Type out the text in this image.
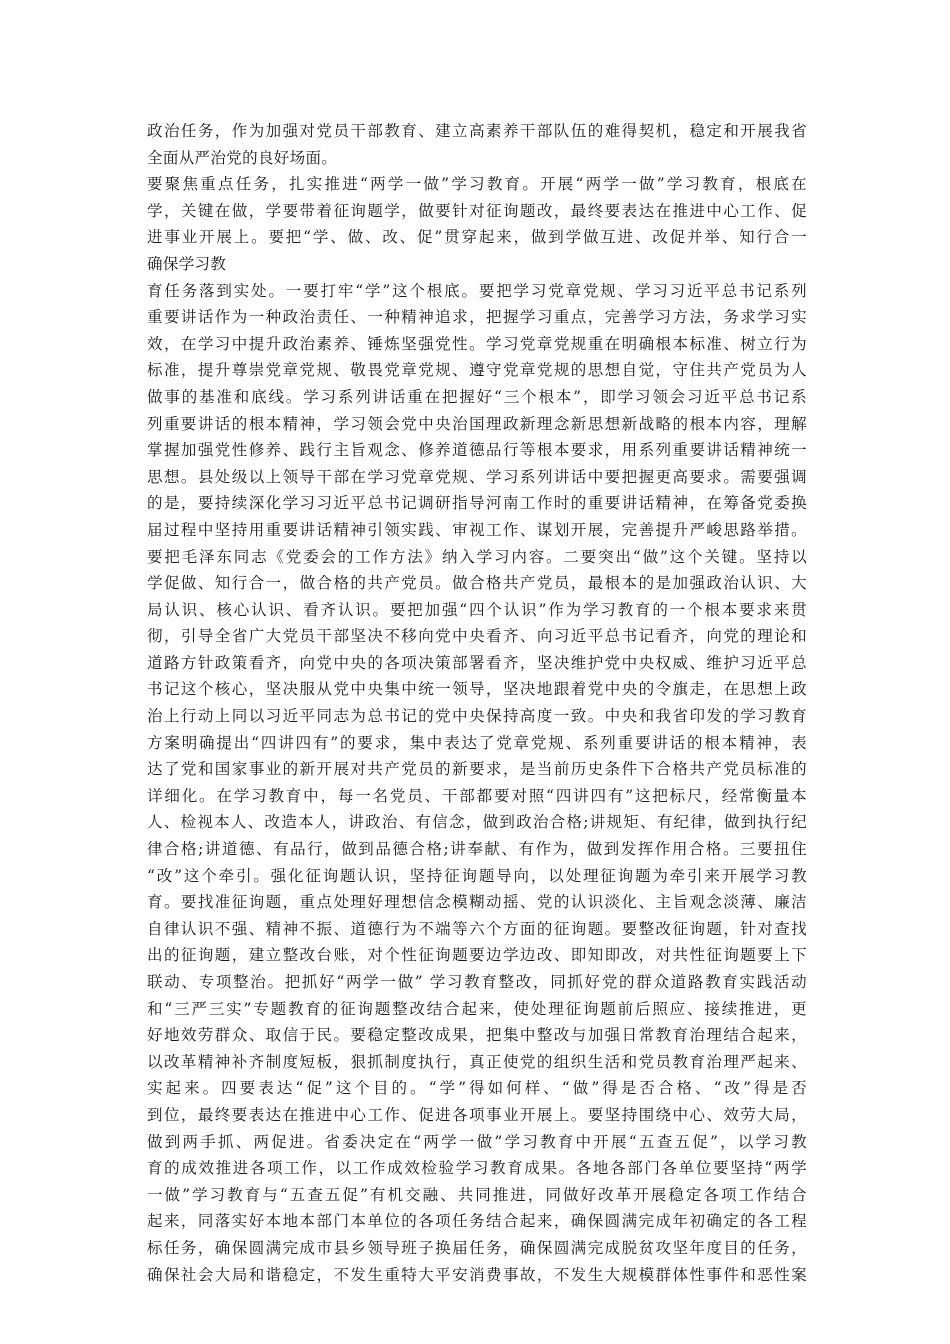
政治任务，作为加强对党员干部教育、建立高素养干部队伍的难得契机，稳定和开展我省
全面从严治党的良好场面。
要聚焦重点任务，扎实推进“两学一做”学习教育。开展“两学一做”学习教育，根底在
学，关键在做，学要带着征询题学，做要针对征询题改，最终要表达在推进中心工作、促
进事业开展上。要把“学、做、改、促”贯穿起来，做到学做互进、改促并举、知行合一
确保学习教
育任务落到实处。一要打牢“学”这个根底。要把学习党章党规、学习习近平总书记系列
重要讲话作为一种政治责任、一种精神追求，把握学习重点，完善学习方法，务求学习实
效，在学习中提升政治素养、锤炼坚强党性。学习党章党规重在明确根本标准、树立行为
标准，提升尊崇党章党规、敬畏党章党规、遵守党章党规的思想自觉，守住共产党员为人
做事的基准和底线。学习系列讲话重在把握好“三个根本”，即学习领会习近平总书记系
列重要讲话的根本精神，学习领会党中央治国理政新理念新思想新战略的根本内容，理解
掌握加强党性修养、践行主旨观念、修养道德品行等根本要求，用系列重要讲话精神统一
思想。县处级以上领导干部在学习党章党规、学习系列讲话中要把握更高要求。需要强调
的是，要持续深化学习习近平总书记调研指导河南工作时的重要讲话精神，在筹备党委换
届过程中坚持用重要讲话精神引领实践、审视工作、谋划开展，完善提升严峻思路举措。
要把毛泽东同志《党委会的工作方法》纳入学习内容。二要突出“做”这个关键。坚持以
学促做、知行合一，做合格的共产党员。做合格共产党员，最根本的是加强政治认识、大
局认识、核心认识、看齐认识。要把加强“四个认识”作为学习教育的一个根本要求来贯
彻，引导全省广大党员干部坚决不移向党中央看齐、向习近平总书记看齐，向党的理论和
道路方针政策看齐，向党中央的各项决策部署看齐，坚决维护党中央权威、维护习近平总
书记这个核心，坚决服从党中央集中统一领导，坚决地跟着党中央的令旗走，在思想上政
治上行动上同以习近平同志为总书记的党中央保持高度一致。中央和我省印发的学习教育
方案明确提出“四讲四有”的要求，集中表达了党章党规、系列重要讲话的根本精神，表
达了党和国家事业的新开展对共产党员的新要求，是当前历史条件下合格共产党员标准的
详细化。在学习教育中，每一名党员、干部都要对照“四讲四有”这把标尺，经常衡量本
人、检视本人、改造本人，讲政治、有信念，做到政治合格;讲规矩、有纪律，做到执行纪
律合格;讲道德、有品行，做到品德合格;讲奉献、有作为，做到发挥作用合格。三要扭住
“改”这个牵引。强化征询题认识，坚持征询题导向，以处理征询题为牵引来开展学习教
育。要找准征询题，重点处理好理想信念模糊动摇、党的认识淡化、主旨观念淡薄、廉洁
自律认识不强、精神不振、道德行为不端等六个方面的征询题。要整改征询题，针对查找
出的征询题，建立整改台账，对个性征询题要边学边改、即知即改，对共性征询题要上下
联动、专项整治。把抓好“两学一做” 学习教育整改，同抓好党的群众道路教育实践活动
和“三严三实”专题教育的征询题整改结合起来，使处理征询题前后照应、接续推进，更
好地效劳群众、取信于民。要稳定整改成果，把集中整改与加强日常教育治理结合起来，
以改革精神补齐制度短板，狠抓制度执行，真正使党的组织生活和党员教育治理严起来、
实起来。四要表达“促”这个目的。“学”得如何样、“做”得是否合格、“改”得是否
到位，最终要表达在推进中心工作、促进各项事业开展上。要坚持围绕中心、效劳大局，
做到两手抓、两促进。省委决定在“两学一做”学习教育中开展“五查五促”，以学习教
育的成效推进各项工作，以工作成效检验学习教育成果。各地各部门各单位要坚持“两学
一做”学习教育与“五查五促”有机交融、共同推进，同做好改革开展稳定各项工作结合
起来，同落实好本地本部门本单位的各项任务结合起来，确保圆满完成年初确定的各工程
标任务，确保圆满完成市县乡领导班子换届任务，确保圆满完成脱贫攻坚年度目的任务，
确保社会大局和谐稳定，不发生重特大平安消费事故，不发生大规模群体性事件和恶性案
